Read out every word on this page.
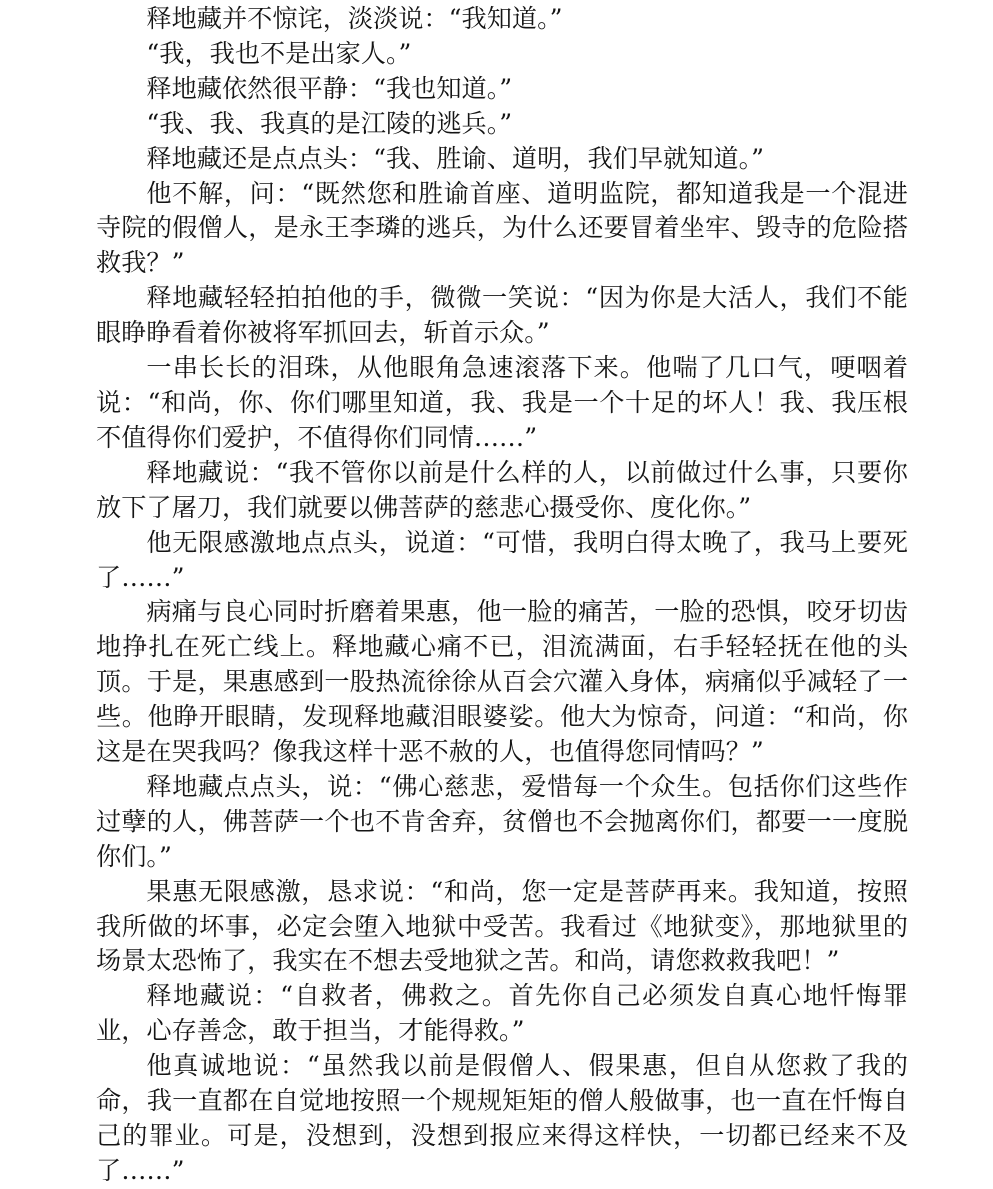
释地藏并不惊诧，淡淡说：“我知道。”

“我，我也不是出家人。”

释地藏依然很平静：“我也知道。”

“我、我、我真的是江陵的逃兵。”

释地藏还是点点头：“我、胜谕、道明，我们早就知道。”

他不解，问：“既然您和胜谕首座、道明监院，都知道我是一个混进寺院的假僧人，是永王李璘的逃兵，为什么还要冒着坐牢、毁寺的危险搭救我？”

释地藏轻轻拍拍他的手，微微一笑说：“因为你是大活人，我们不能眼睁睁看着你被将军抓回去，斩首示众。”

一串长长的泪珠，从他眼角急速滚落下来。他喘了几口气，哽咽着说：“和尚，你、你们哪里知道，我、我是一个十足的坏人！我、我压根不值得你们爱护，不值得你们同情……”

释地藏说：“我不管你以前是什么样的人，以前做过什么事，只要你放下了屠刀，我们就要以佛菩萨的慈悲心摄受你、度化你。”

他无限感激地点点头，说道：“可惜，我明白得太晚了，我马上要死了……”

病痛与良心同时折磨着果惠，他一脸的痛苦，一脸的恐惧，咬牙切齿地挣扎在死亡线上。释地藏心痛不已，泪流满面，右手轻轻抚在他的头顶。于是，果惠感到一股热流徐徐从百会穴灌入身体，病痛似乎减轻了一些。他睁开眼睛，发现释地藏泪眼婆娑。他大为惊奇，问道：“和尚，你这是在哭我吗？像我这样十恶不赦的人，也值得您同情吗？”

释地藏点点头，说：“佛心慈悲，爱惜每一个众生。包括你们这些作过孽的人，佛菩萨一个也不肯舍弃，贫僧也不会抛离你们，都要一一度脱你们。”

果惠无限感激，恳求说：“和尚，您一定是菩萨再来。我知道，按照我所做的坏事，必定会堕入地狱中受苦。我看过《地狱变》，那地狱里的场景太恐怖了，我实在不想去受地狱之苦。和尚，请您救救我吧！”

释地藏说：“自救者，佛救之。首先你自己必须发自真心地忏悔罪业，心存善念，敢于担当，才能得救。”

他真诚地说：“虽然我以前是假僧人、假果惠，但自从您救了我的命，我一直都在自觉地按照一个规规矩矩的僧人般做事，也一直在忏悔自己的罪业。可是，没想到，没想到报应来得这样快，一切都已经来不及了……”
